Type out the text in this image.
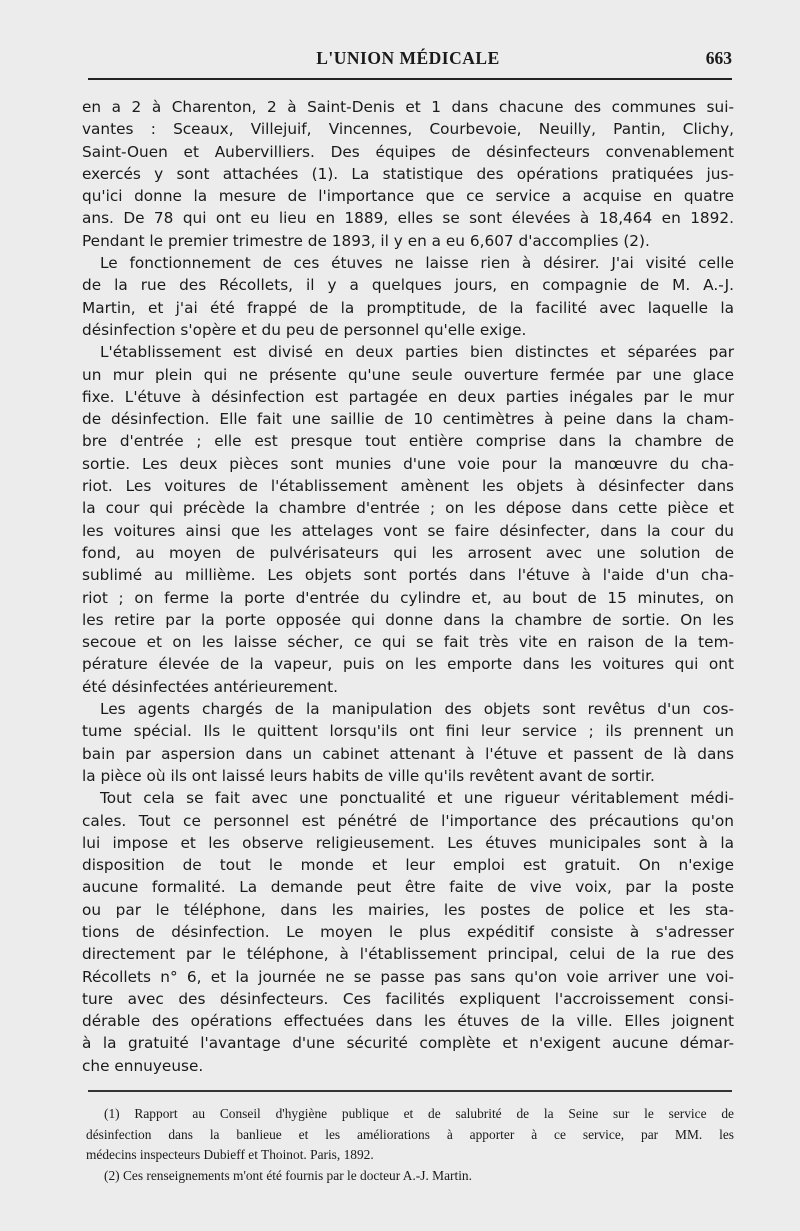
L'UNION MÉDICALE	663
en a 2 à Charenton, 2 à Saint-Denis et 1 dans chacune des communes sui-
vantes : Sceaux, Villejuif, Vincennes, Courbevoie, Neuilly, Pantin, Clichy,
Saint-Ouen et Aubervilliers. Des équipes de désinfecteurs convenablement
exercés y sont attachées (1). La statistique des opérations pratiquées jus-
qu'ici donne la mesure de l'importance que ce service a acquise en quatre
ans. De 78 qui ont eu lieu en 1889, elles se sont élevées à 18,464 en 1892.
Pendant le premier trimestre de 1893, il y en a eu 6,607 d'accomplies (2).
Le fonctionnement de ces étuves ne laisse rien à désirer. J'ai visité celle
de la rue des Récollets, il y a quelques jours, en compagnie de M. A.-J.
Martin, et j'ai été frappé de la promptitude, de la facilité avec laquelle la
désinfection s'opère et du peu de personnel qu'elle exige.
L'établissement est divisé en deux parties bien distinctes et séparées par
un mur plein qui ne présente qu'une seule ouverture fermée par une glace
fixe. L'étuve à désinfection est partagée en deux parties inégales par le mur
de désinfection. Elle fait une saillie de 10 centimètres à peine dans la cham-
bre d'entrée ; elle est presque tout entière comprise dans la chambre de
sortie. Les deux pièces sont munies d'une voie pour la manœuvre du cha-
riot. Les voitures de l'établissement amènent les objets à désinfecter dans
la cour qui précède la chambre d'entrée ; on les dépose dans cette pièce et
les voitures ainsi que les attelages vont se faire désinfecter, dans la cour du
fond, au moyen de pulvérisateurs qui les arrosent avec une solution de
sublimé au millième. Les objets sont portés dans l'étuve à l'aide d'un cha-
riot ; on ferme la porte d'entrée du cylindre et, au bout de 15 minutes, on
les retire par la porte opposée qui donne dans la chambre de sortie. On les
secoue et on les laisse sécher, ce qui se fait très vite en raison de la tem-
pérature élevée de la vapeur, puis on les emporte dans les voitures qui ont
été désinfectées antérieurement.
Les agents chargés de la manipulation des objets sont revêtus d'un cos-
tume spécial. Ils le quittent lorsqu'ils ont fini leur service ; ils prennent un
bain par aspersion dans un cabinet attenant à l'étuve et passent de là dans
la pièce où ils ont laissé leurs habits de ville qu'ils revêtent avant de sortir.
Tout cela se fait avec une ponctualité et une rigueur véritablement médi-
cales. Tout ce personnel est pénétré de l'importance des précautions qu'on
lui impose et les observe religieusement. Les étuves municipales sont à la
disposition de tout le monde et leur emploi est gratuit. On n'exige
aucune formalité. La demande peut être faite de vive voix, par la poste
ou par le téléphone, dans les mairies, les postes de police et les sta-
tions de désinfection. Le moyen le plus expéditif consiste à s'adresser
directement par le téléphone, à l'établissement principal, celui de la rue des
Récollets n° 6, et la journée ne se passe pas sans qu'on voie arriver une voi-
ture avec des désinfecteurs. Ces facilités expliquent l'accroissement consi-
dérable des opérations effectuées dans les étuves de la ville. Elles joignent
à la gratuité l'avantage d'une sécurité complète et n'exigent aucune démar-
che ennuyeuse.
(1) Rapport au Conseil d'hygiène publique et de salubrité de la Seine sur le service de
désinfection dans la banlieue et les améliorations à apporter à ce service, par MM. les
médecins inspecteurs Dubieff et Thoinot. Paris, 1892.
(2) Ces renseignements m'ont été fournis par le docteur A.-J. Martin.
